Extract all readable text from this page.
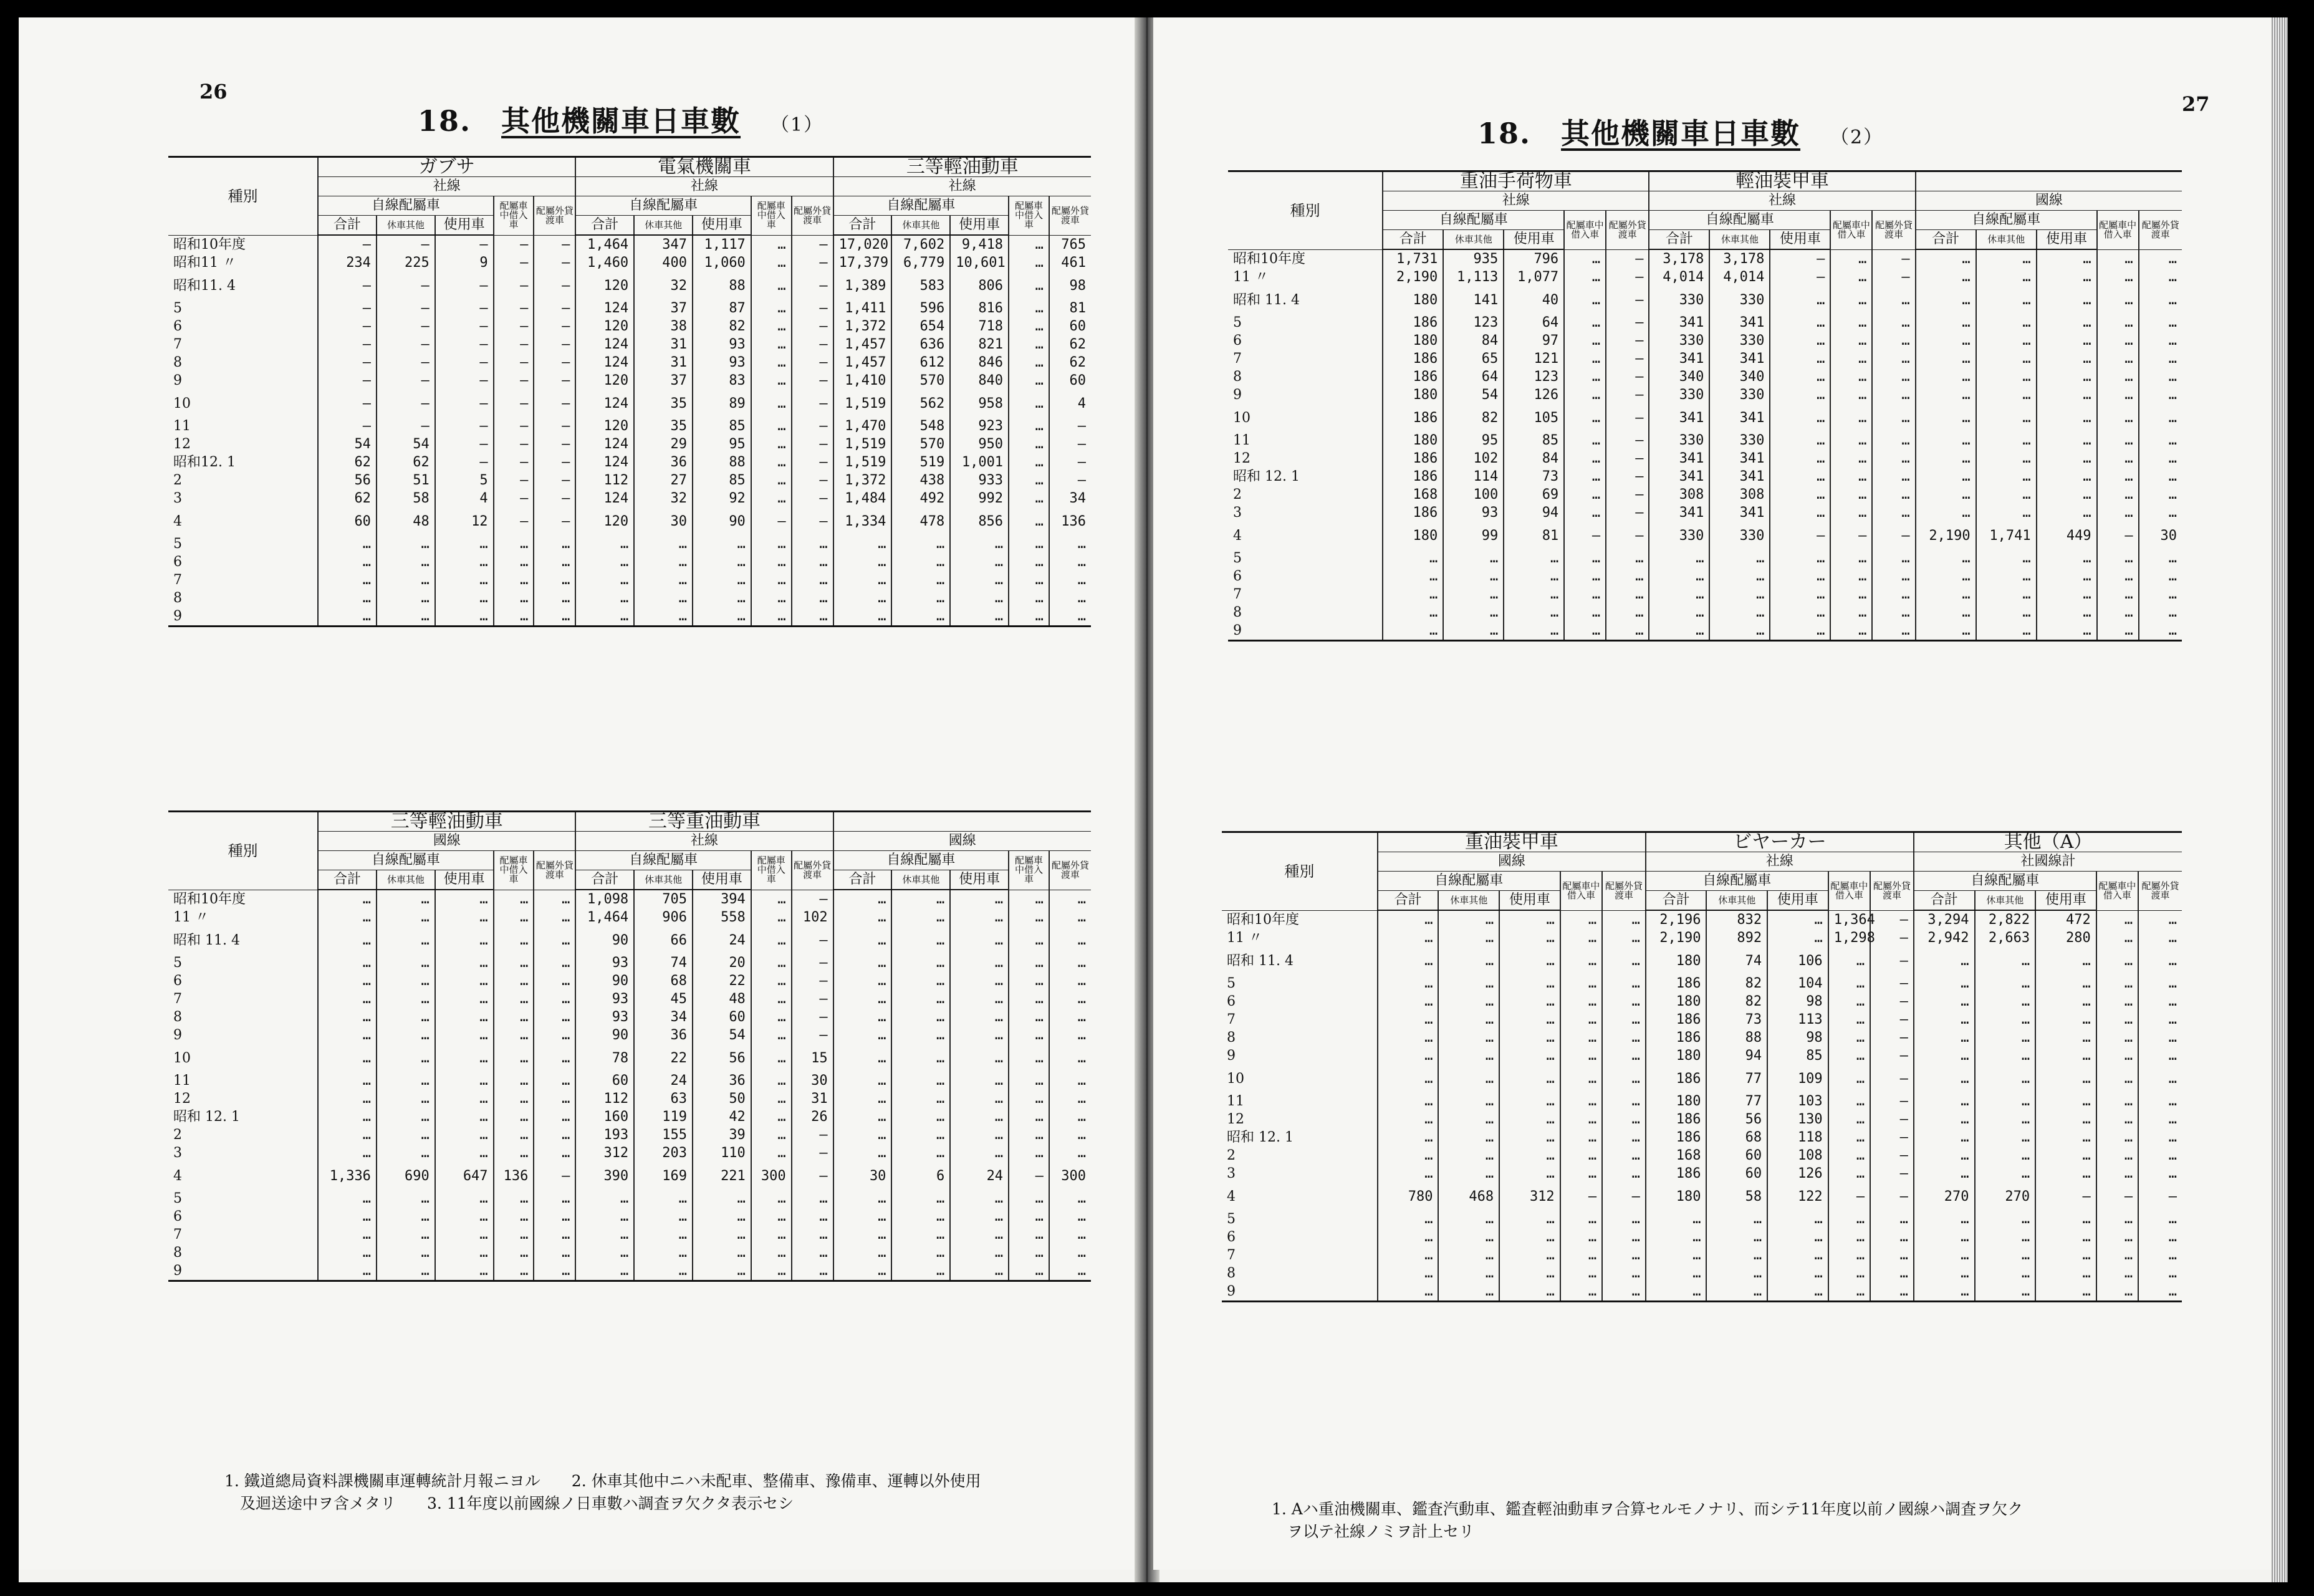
26
18. 其他機關車日車數 （1）
種別	ガブサ					電氣機關車					三等輕油動車				
	社線					社線					社線				
	自線配屬車			配屬車中借入車	配屬外貸渡車	自線配屬車			配屬車中借入車	配屬外貸渡車	自線配屬車			配屬車中借入車	配屬外貸渡車
	合計	休車其他	使用車			合計	休車其他	使用車			合計	休車其他	使用車		
昭和10年度	—	—	—	—	—	1,464	347	1,117	…	—	17,020	7,602	9,418	…	765
昭和11 〃	234	225	9	—	—	1,460	400	1,060	…	—	17,379	6,779	10,601	…	461
昭和11. 4	—	—	—	—	—	120	32	88	…	—	1,389	583	806	…	98
5	—	—	—	—	—	124	37	87	…	—	1,411	596	816	…	81
6	—	—	—	—	—	120	38	82	…	—	1,372	654	718	…	60
7	—	—	—	—	—	124	31	93	…	—	1,457	636	821	…	62
8	—	—	—	—	—	124	31	93	…	—	1,457	612	846	…	62
9	—	—	—	—	—	120	37	83	…	—	1,410	570	840	…	60
10	—	—	—	—	—	124	35	89	…	—	1,519	562	958	…	4
11	—	—	—	—	—	120	35	85	…	—	1,470	548	923	…	—
12	54	54	—	—	—	124	29	95	…	—	1,519	570	950	…	—
昭和12. 1	62	62	—	—	—	124	36	88	…	—	1,519	519	1,001	…	—
2	56	51	5	—	—	112	27	85	…	—	1,372	438	933	…	—
3	62	58	4	—	—	124	32	92	…	—	1,484	492	992	…	34
4	60	48	12	—	—	120	30	90	—	—	1,334	478	856	…	136
5	…	…	…	…	…	…	…	…	…	…	…	…	…	…	…
6	…	…	…	…	…	…	…	…	…	…	…	…	…	…	…
7	…	…	…	…	…	…	…	…	…	…	…	…	…	…	…
8	…	…	…	…	…	…	…	…	…	…	…	…	…	…	…
9	…	…	…	…	…	…	…	…	…	…	…	…	…	…	…
種別	三等輕油動車					三等重油動車									
	國線					社線					國線				
	自線配屬車			配屬車中借入車	配屬外貸渡車	自線配屬車			配屬車中借入車	配屬外貸渡車	自線配屬車			配屬車中借入車	配屬外貸渡車
	合計	休車其他	使用車			合計	休車其他	使用車			合計	休車其他	使用車		
昭和10年度	…	…	…	…	…	1,098	705	394	…	—	…	…	…	…	…
11 〃	…	…	…	…	…	1,464	906	558	…	102	…	…	…	…	…
昭和 11. 4	…	…	…	…	…	90	66	24	…	—	…	…	…	…	…
5	…	…	…	…	…	93	74	20	…	—	…	…	…	…	…
6	…	…	…	…	…	90	68	22	…	—	…	…	…	…	…
7	…	…	…	…	…	93	45	48	…	—	…	…	…	…	…
8	…	…	…	…	…	93	34	60	…	—	…	…	…	…	…
9	…	…	…	…	…	90	36	54	…	—	…	…	…	…	…
10	…	…	…	…	…	78	22	56	…	15	…	…	…	…	…
11	…	…	…	…	…	60	24	36	…	30	…	…	…	…	…
12	…	…	…	…	…	112	63	50	…	31	…	…	…	…	…
昭和 12. 1	…	…	…	…	…	160	119	42	…	26	…	…	…	…	…
2	…	…	…	…	…	193	155	39	…	—	…	…	…	…	…
3	…	…	…	…	…	312	203	110	…	—	…	…	…	…	…
4	1,336	690	647	136	—	390	169	221	300	—	30	6	24	—	300
5	…	…	…	…	…	…	…	…	…	…	…	…	…	…	…
6	…	…	…	…	…	…	…	…	…	…	…	…	…	…	…
7	…	…	…	…	…	…	…	…	…	…	…	…	…	…	…
8	…	…	…	…	…	…	…	…	…	…	…	…	…	…	…
9	…	…	…	…	…	…	…	…	…	…	…	…	…	…	…
1. 鐵道總局資料課機關車運轉統計月報ニヨル　　2. 休車其他中ニハ未配車、整備車、豫備車、運轉以外使用
　及迴送途中ヲ含メタリ　　3. 11年度以前國線ノ日車數ハ調査ヲ欠クタ表示セシ
27
18. 其他機關車日車數 （2）
種別	重油手荷物車					輕油裝甲車									
	社線					社線					國線				
	自線配屬車			配屬車中借入車	配屬外貸渡車	自線配屬車			配屬車中借入車	配屬外貸渡車	自線配屬車			配屬車中借入車	配屬外貸渡車
	合計	休車其他	使用車			合計	休車其他	使用車			合計	休車其他	使用車		
昭和10年度	1,731	935	796	…	—	3,178	3,178	—	…	—	…	…	…	…	…
11 〃	2,190	1,113	1,077	…	—	4,014	4,014	—	…	—	…	…	…	…	…
昭和 11. 4	180	141	40	…	—	330	330	…	…	…	…	…	…	…	…
5	186	123	64	…	—	341	341	…	…	…	…	…	…	…	…
6	180	84	97	…	—	330	330	…	…	…	…	…	…	…	…
7	186	65	121	…	—	341	341	…	…	…	…	…	…	…	…
8	186	64	123	…	—	340	340	…	…	…	…	…	…	…	…
9	180	54	126	…	—	330	330	…	…	…	…	…	…	…	…
10	186	82	105	…	—	341	341	…	…	…	…	…	…	…	…
11	180	95	85	…	—	330	330	…	…	…	…	…	…	…	…
12	186	102	84	…	—	341	341	…	…	…	…	…	…	…	…
昭和 12. 1	186	114	73	…	—	341	341	…	…	…	…	…	…	…	…
2	168	100	69	…	—	308	308	…	…	…	…	…	…	…	…
3	186	93	94	…	—	341	341	…	…	…	…	…	…	…	…
4	180	99	81	—	—	330	330	—	—	—	2,190	1,741	449	—	30
5	…	…	…	…	…	…	…	…	…	…	…	…	…	…	…
6	…	…	…	…	…	…	…	…	…	…	…	…	…	…	…
7	…	…	…	…	…	…	…	…	…	…	…	…	…	…	…
8	…	…	…	…	…	…	…	…	…	…	…	…	…	…	…
9	…	…	…	…	…	…	…	…	…	…	…	…	…	…	…
種別	重油裝甲車					ビヤーカー					其他（A）				
	國線					社線					社國線計				
	自線配屬車			配屬車中借入車	配屬外貸渡車	自線配屬車			配屬車中借入車	配屬外貸渡車	自線配屬車			配屬車中借入車	配屬外貸渡車
	合計	休車其他	使用車			合計	休車其他	使用車			合計	休車其他	使用車		
昭和10年度	…	…	…	…	…	2,196	832	…	1,364	—	3,294	2,822	472	…	…
11 〃	…	…	…	…	…	2,190	892	…	1,298	—	2,942	2,663	280	…	…
昭和 11. 4	…	…	…	…	…	180	74	106	…	—	…	…	…	…	…
5	…	…	…	…	…	186	82	104	…	—	…	…	…	…	…
6	…	…	…	…	…	180	82	98	…	—	…	…	…	…	…
7	…	…	…	…	…	186	73	113	…	—	…	…	…	…	…
8	…	…	…	…	…	186	88	98	…	—	…	…	…	…	…
9	…	…	…	…	…	180	94	85	…	—	…	…	…	…	…
10	…	…	…	…	…	186	77	109	…	—	…	…	…	…	…
11	…	…	…	…	…	180	77	103	…	—	…	…	…	…	…
12	…	…	…	…	…	186	56	130	…	—	…	…	…	…	…
昭和 12. 1	…	…	…	…	…	186	68	118	…	—	…	…	…	…	…
2	…	…	…	…	…	168	60	108	…	—	…	…	…	…	…
3	…	…	…	…	…	186	60	126	…	—	…	…	…	…	…
4	780	468	312	—	—	180	58	122	—	—	270	270	—	—	—
5	…	…	…	…	…	…	…	…	…	…	…	…	…	…	…
6	…	…	…	…	…	…	…	…	…	…	…	…	…	…	…
7	…	…	…	…	…	…	…	…	…	…	…	…	…	…	…
8	…	…	…	…	…	…	…	…	…	…	…	…	…	…	…
9	…	…	…	…	…	…	…	…	…	…	…	…	…	…	…
1. Aハ重油機關車、鑑査汽動車、鑑査輕油動車ヲ合算セルモノナリ、而シテ11年度以前ノ國線ハ調査ヲ欠ク
　ヲ以テ社線ノミヲ計上セリ
